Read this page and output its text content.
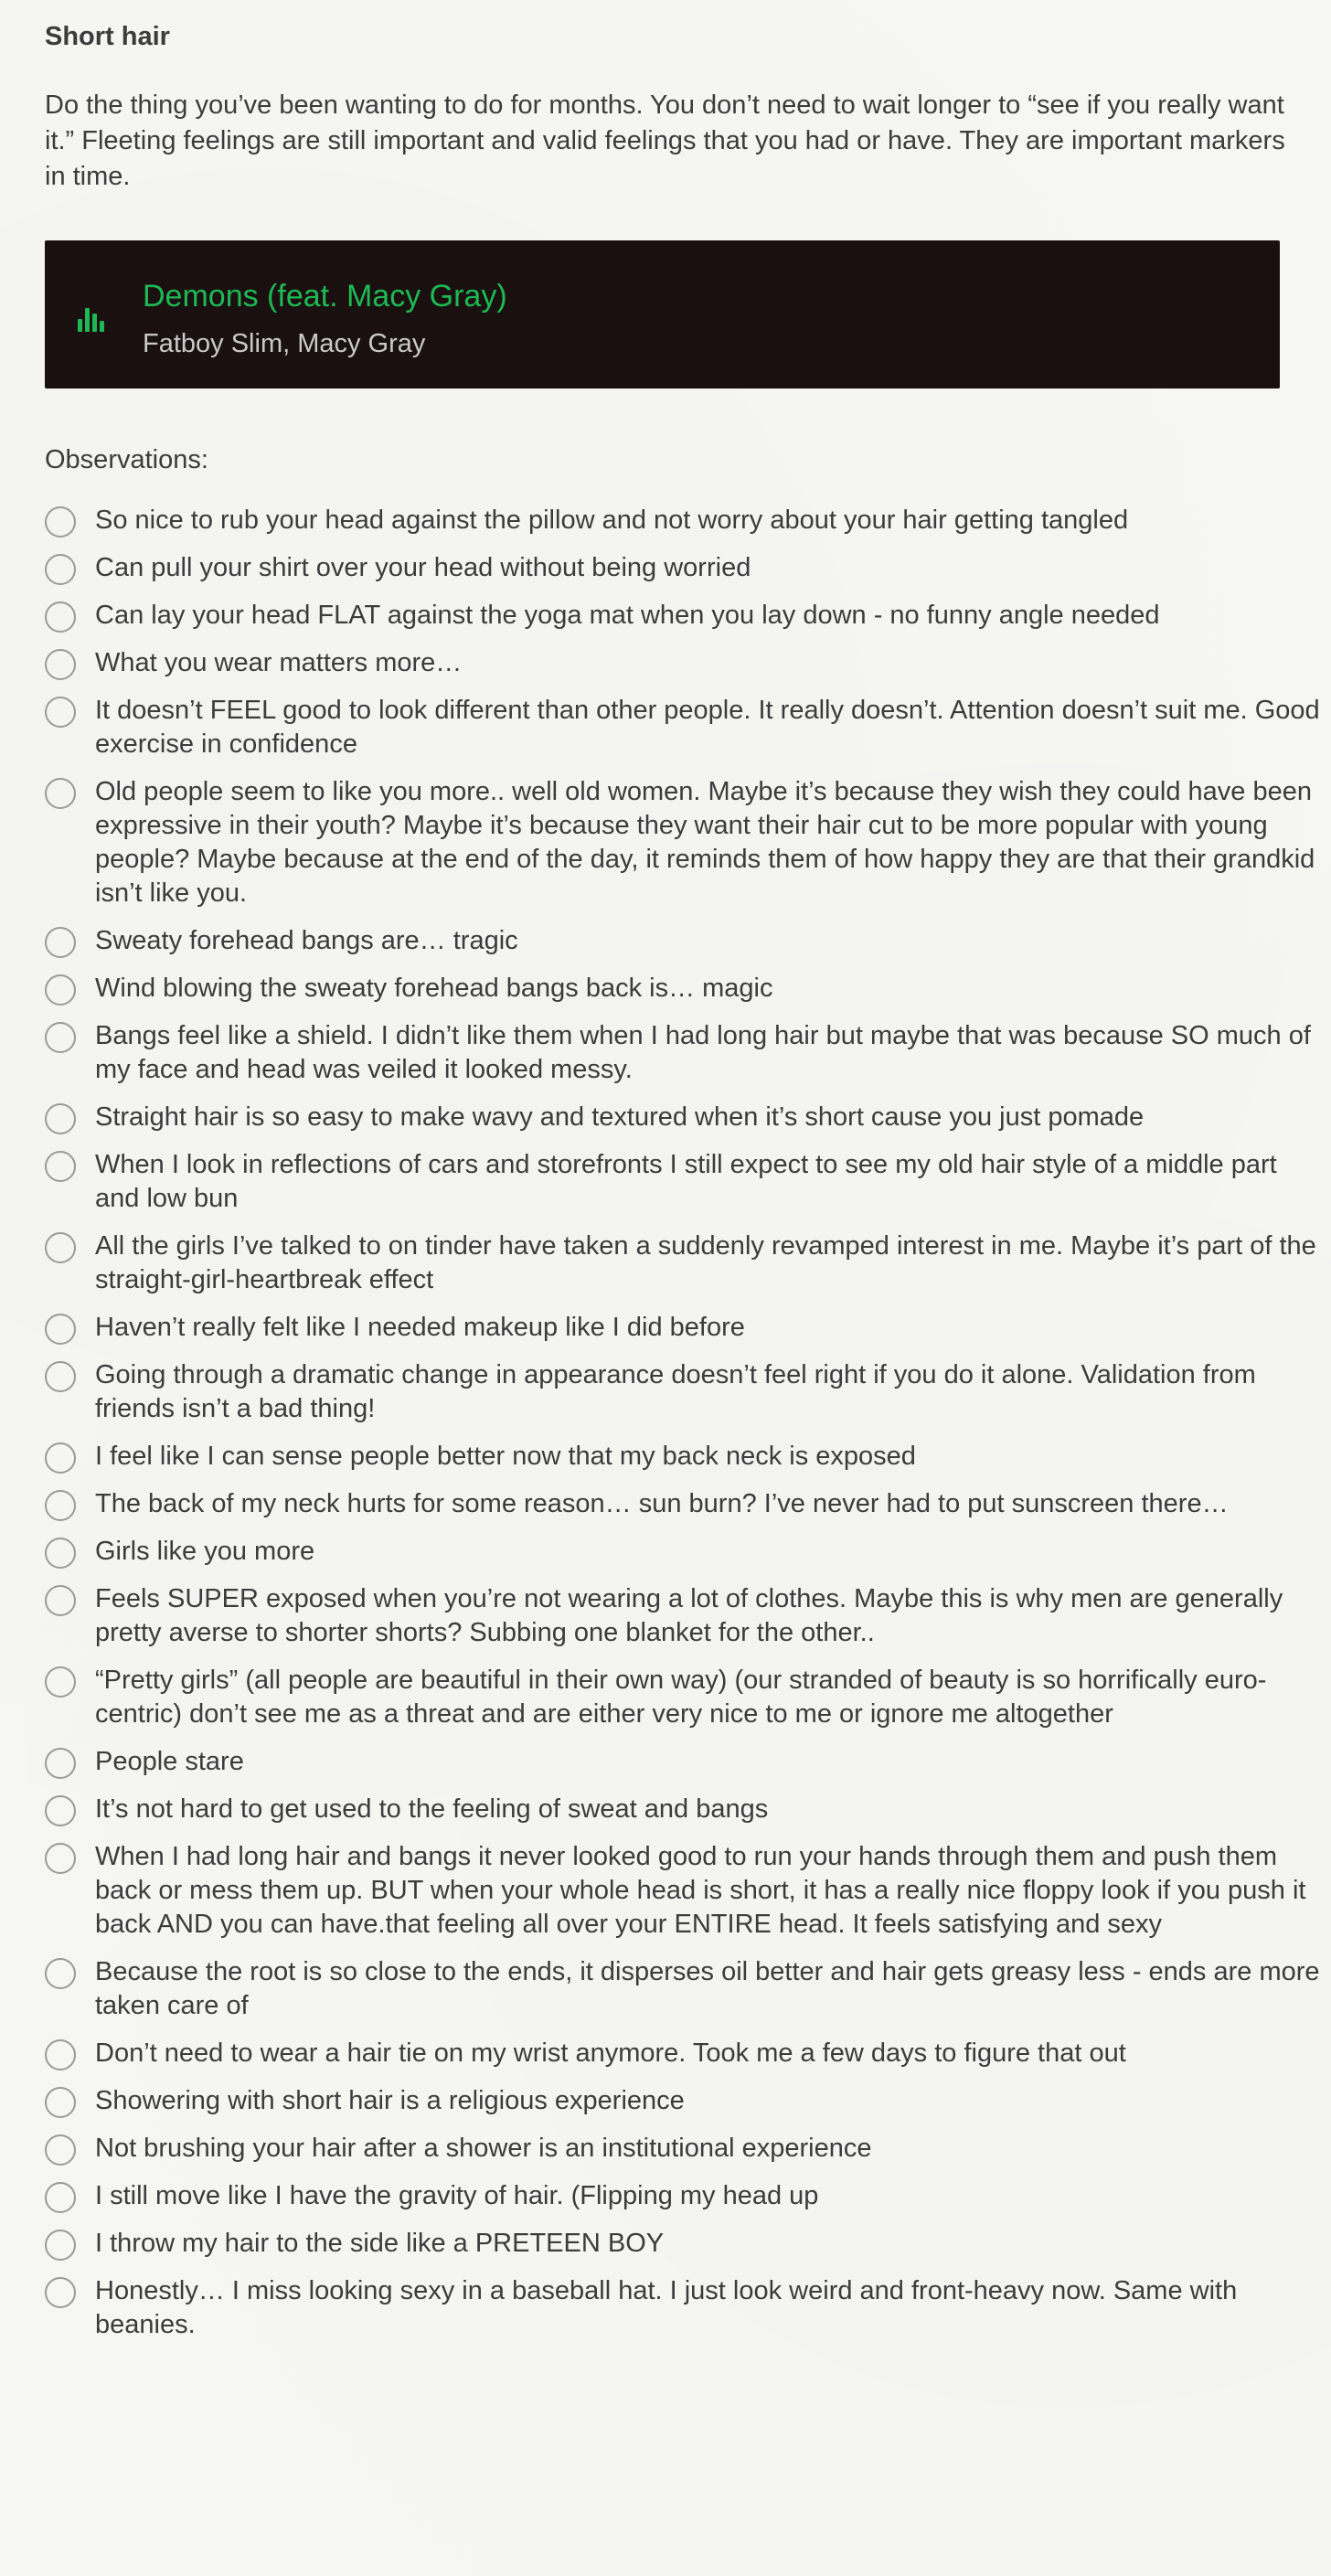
Short hair

Do the thing you’ve been wanting to do for months. You don’t need to wait longer to “see if you really want it.” Fleeting feelings are still important and valid feelings that you had or have. They are important markers in time.

Demons (feat. Macy Gray)
Fatboy Slim, Macy Gray
Observations:
So nice to rub your head against the pillow and not worry about your hair getting tangled
Can pull your shirt over your head without being worried
Can lay your head FLAT against the yoga mat when you lay down - no funny angle needed
What you wear matters more…
It doesn’t FEEL good to look different than other people. It really doesn’t. Attention doesn’t suit me. Good exercise in confidence
Old people seem to like you more.. well old women. Maybe it’s because they wish they could have been expressive in their youth? Maybe it’s because they want their hair cut to be more popular with young people? Maybe because at the end of the day, it reminds them of how happy they are that their grandkid isn’t like you.
Sweaty forehead bangs are… tragic
Wind blowing the sweaty forehead bangs back is… magic
Bangs feel like a shield. I didn’t like them when I had long hair but maybe that was because SO much of my face and head was veiled it looked messy.
Straight hair is so easy to make wavy and textured when it’s short cause you just pomade
When I look in reflections of cars and storefronts I still expect to see my old hair style of a middle part and low bun
All the girls I’ve talked to on tinder have taken a suddenly revamped interest in me. Maybe it’s part of the straight-girl-heartbreak effect
Haven’t really felt like I needed makeup like I did before
Going through a dramatic change in appearance doesn’t feel right if you do it alone. Validation from friends isn’t a bad thing!
I feel like I can sense people better now that my back neck is exposed
The back of my neck hurts for some reason… sun burn? I’ve never had to put sunscreen there…
Girls like you more
Feels SUPER exposed when you’re not wearing a lot of clothes. Maybe this is why men are generally pretty averse to shorter shorts? Subbing one blanket for the other..
“Pretty girls” (all people are beautiful in their own way) (our stranded of beauty is so horrifically euro-centric) don’t see me as a threat and are either very nice to me or ignore me altogether
People stare
It’s not hard to get used to the feeling of sweat and bangs
When I had long hair and bangs it never looked good to run your hands through them and push them back or mess them up. BUT when your whole head is short, it has a really nice floppy look if you push it back AND you can have.that feeling all over your ENTIRE head. It feels satisfying and sexy
Because the root is so close to the ends, it disperses oil better and hair gets greasy less - ends are more taken care of
Don’t need to wear a hair tie on my wrist anymore. Took me a few days to figure that out
Showering with short hair is a religious experience
Not brushing your hair after a shower is an institutional experience
I still move like I have the gravity of hair. (Flipping my head up
I throw my hair to the side like a PRETEEN BOY
Honestly… I miss looking sexy in a baseball hat. I just look weird and front-heavy now. Same with beanies.
